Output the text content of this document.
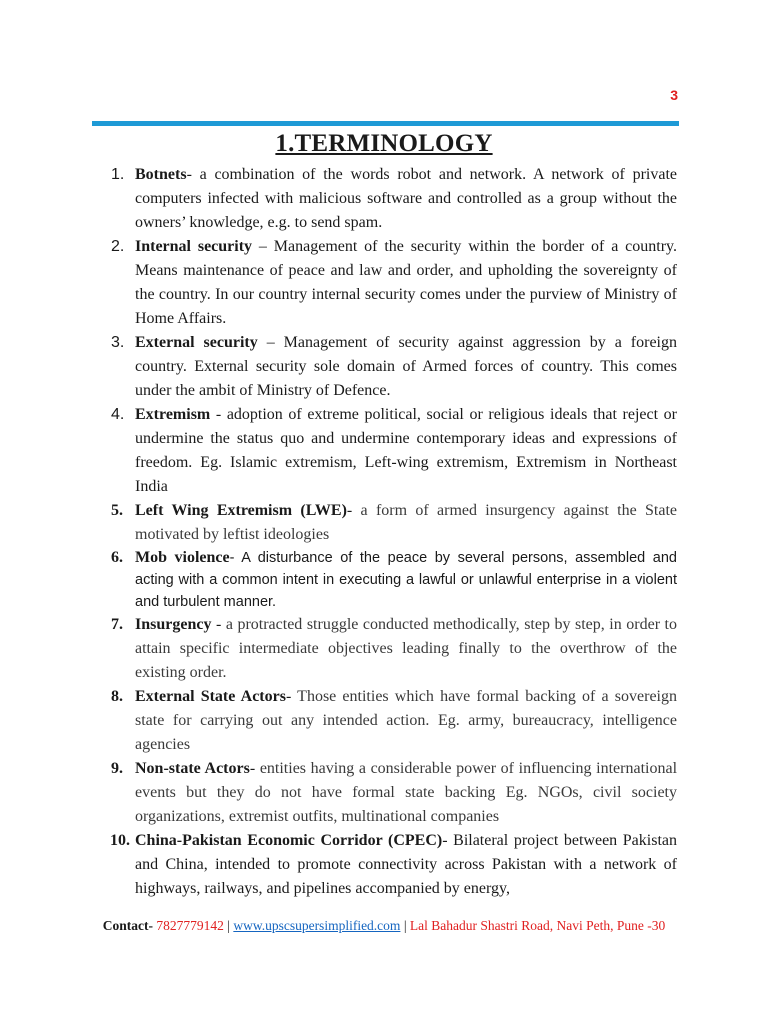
3
1.TERMINOLOGY
1. Botnets- a combination of the words robot and network. A network of private computers infected with malicious software and controlled as a group without the owners’ knowledge, e.g. to send spam.
2. Internal security – Management of the security within the border of a country. Means maintenance of peace and law and order, and upholding the sovereignty of the country. In our country internal security comes under the purview of Ministry of Home Affairs.
3. External security – Management of security against aggression by a foreign country. External security sole domain of Armed forces of country. This comes under the ambit of Ministry of Defence.
4. Extremism - adoption of extreme political, social or religious ideals that reject or undermine the status quo and undermine contemporary ideas and expressions of freedom. Eg. Islamic extremism, Left-wing extremism, Extremism in Northeast India
5. Left Wing Extremism (LWE)- a form of armed insurgency against the State motivated by leftist ideologies
6. Mob violence- A disturbance of the peace by several persons, assembled and acting with a common intent in executing a lawful or unlawful enterprise in a violent and turbulent manner.
7. Insurgency - a protracted struggle conducted methodically, step by step, in order to attain specific intermediate objectives leading finally to the overthrow of the existing order.
8. External State Actors- Those entities which have formal backing of a sovereign state for carrying out any intended action. Eg. army, bureaucracy, intelligence agencies
9. Non-state Actors- entities having a considerable power of influencing international events but they do not have formal state backing Eg. NGOs, civil society organizations, extremist outfits, multinational companies
10. China-Pakistan Economic Corridor (CPEC)- Bilateral project between Pakistan and China, intended to promote connectivity across Pakistan with a network of highways, railways, and pipelines accompanied by energy,
Contact- 7827779142 | www.upscsupersimplified.com | Lal Bahadur Shastri Road, Navi Peth, Pune -30
